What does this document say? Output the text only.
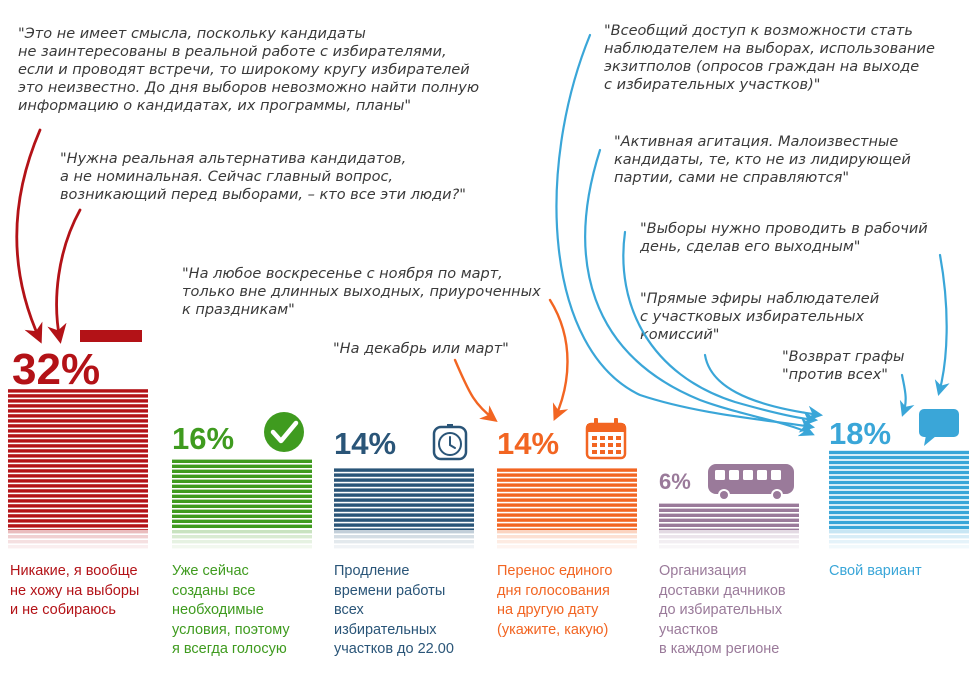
"Это не имеет смысла, поскольку кандидаты
не заинтересованы в реальной работе с избирателями,
если и проводят встречи, то широкому кругу избирателей
это неизвестно. До дня выборов невозможно найти полную
информацию о кандидатах, их программы, планы"
"Нужна реальная альтернатива кандидатов,
а не номинальная. Сейчас главный вопрос,
возникающий перед выборами, – кто все эти люди?"
"На любое воскресенье с ноября по март,
только вне длинных выходных, приуроченных
к праздникам"
"На декабрь или март"
"Всеобщий доступ к возможности стать
наблюдателем на выборах, использование
экзитполов (опросов граждан на выходе
с избирательных участков)"
"Активная агитация. Малоизвестные
кандидаты, те, кто не из лидирующей
партии, сами не справляются"
"Выборы нужно проводить в рабочий
день, сделав его выходным"
"Прямые эфиры наблюдателей
с участковых избирательных
комиссий"
"Возврат графы
"против всех"
32%
16%	14%	14%
6%
18%
Никакие, я вообще
не хожу на выборы
и не собираюсь
Уже сейчас
созданы все
необходимые
условия, поэтому
я всегда голосую
Продление
времени работы
всех
избирательных
участков до 22.00
Перенос единого
дня голосования
на другую дату
(укажите, какую)
Организация
доставки дачников
до избирательных
участков
в каждом регионе
Свой вариант
